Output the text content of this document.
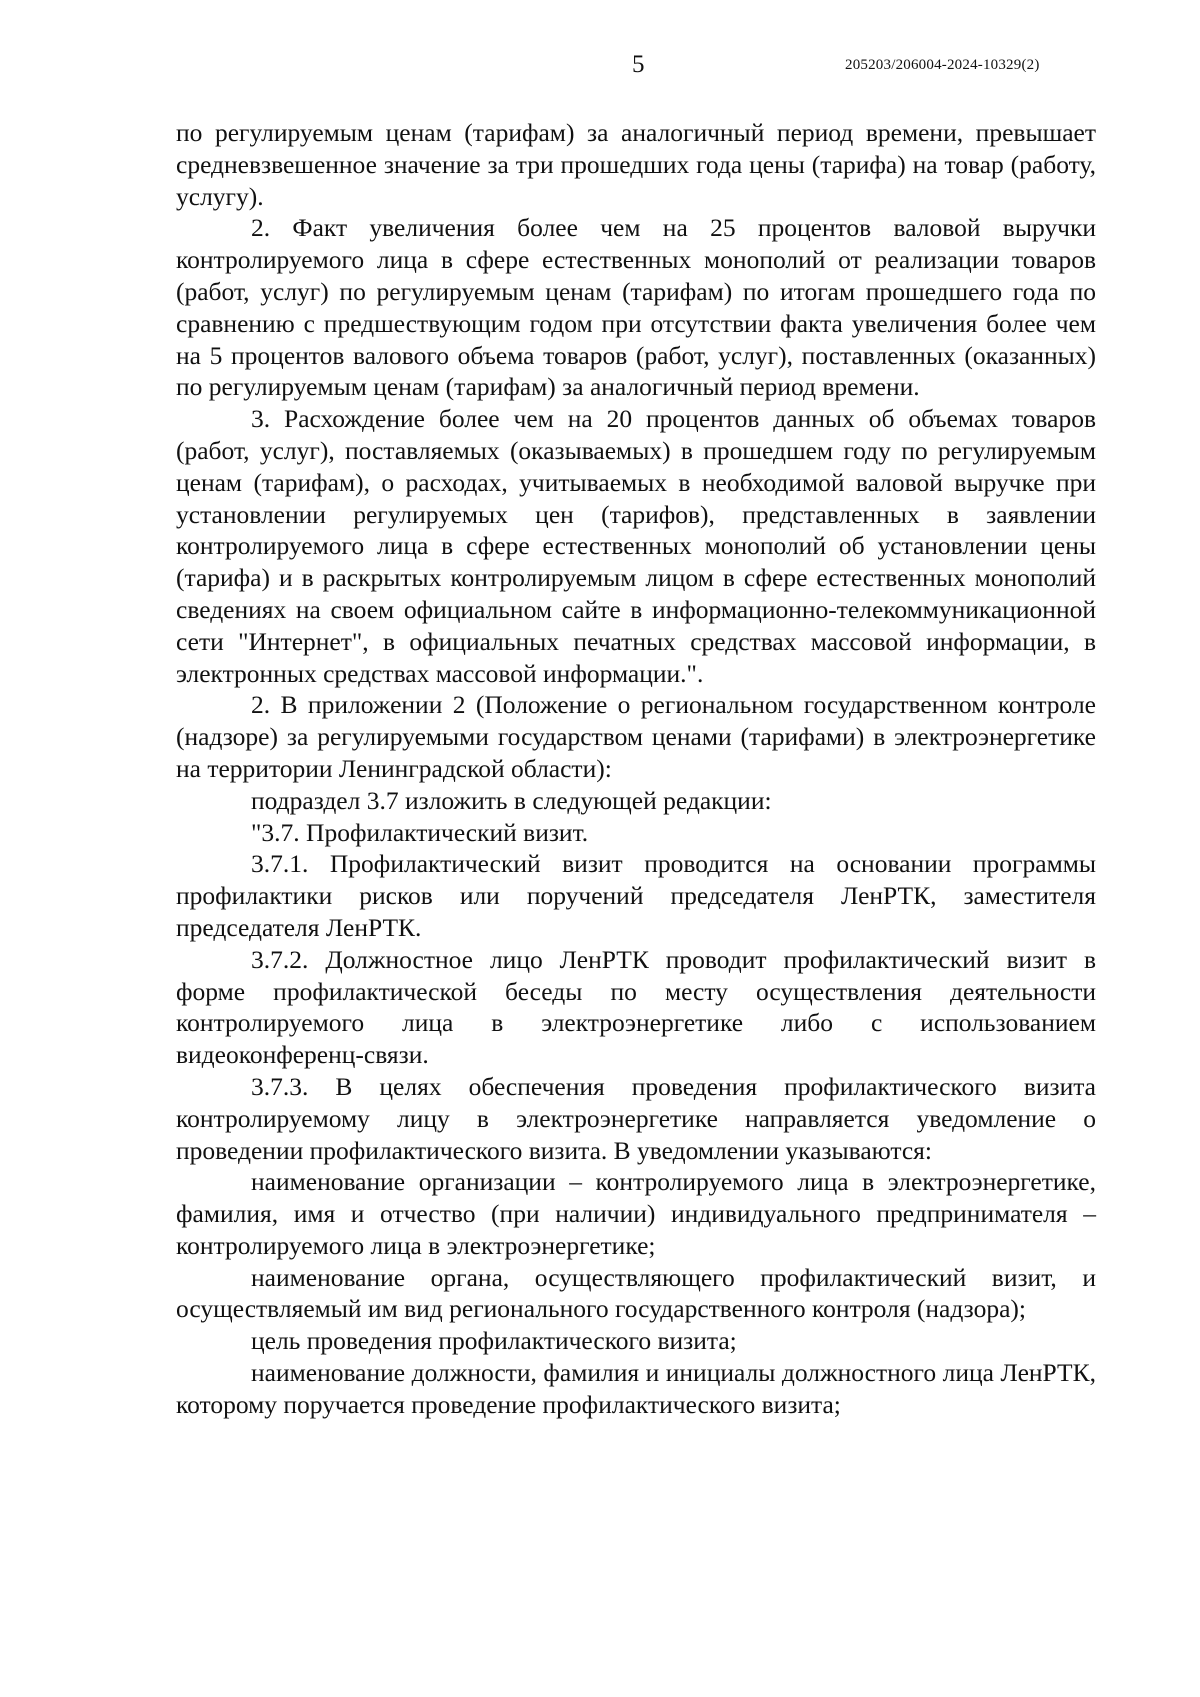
5	205203/206004-2024-10329(2)

по регулируемым ценам (тарифам) за аналогичный период времени, превышает средневзвешенное значение за три прошедших года цены (тарифа) на товар (работу, услугу).

2. Факт увеличения более чем на 25 процентов валовой выручки контролируемого лица в сфере естественных монополий от реализации товаров (работ, услуг) по регулируемым ценам (тарифам) по итогам прошедшего года по сравнению с предшествующим годом при отсутствии факта увеличения более чем на 5 процентов валового объема товаров (работ, услуг), поставленных (оказанных) по регулируемым ценам (тарифам) за аналогичный период времени.

3. Расхождение более чем на 20 процентов данных об объемах товаров (работ, услуг), поставляемых (оказываемых) в прошедшем году по регулируемым ценам (тарифам), о расходах, учитываемых в необходимой валовой выручке при установлении регулируемых цен (тарифов), представленных в заявлении контролируемого лица в сфере естественных монополий об установлении цены (тарифа) и в раскрытых контролируемым лицом в сфере естественных монополий сведениях на своем официальном сайте в информационно-телекоммуникационной сети "Интернет", в официальных печатных средствах массовой информации, в электронных средствах массовой информации.".

2. В приложении 2 (Положение о региональном государственном контроле (надзоре) за регулируемыми государством ценами (тарифами) в электроэнергетике на территории Ленинградской области):

подраздел 3.7 изложить в следующей редакции:

"3.7. Профилактический визит.

3.7.1. Профилактический визит проводится на основании программы профилактики рисков или поручений председателя ЛенРТК, заместителя председателя ЛенРТК.

3.7.2. Должностное лицо ЛенРТК проводит профилактический визит в форме профилактической беседы по месту осуществления деятельности контролируемого лица в электроэнергетике либо с использованием видеоконференц-связи.

3.7.3. В целях обеспечения проведения профилактического визита контролируемому лицу в электроэнергетике направляется уведомление о проведении профилактического визита. В уведомлении указываются:

наименование организации – контролируемого лица в электроэнергетике, фамилия, имя и отчество (при наличии) индивидуального предпринимателя – контролируемого лица в электроэнергетике;

наименование органа, осуществляющего профилактический визит, и осуществляемый им вид регионального государственного контроля (надзора);

цель проведения профилактического визита;

наименование должности, фамилия и инициалы должностного лица ЛенРТК, которому поручается проведение профилактического визита;
